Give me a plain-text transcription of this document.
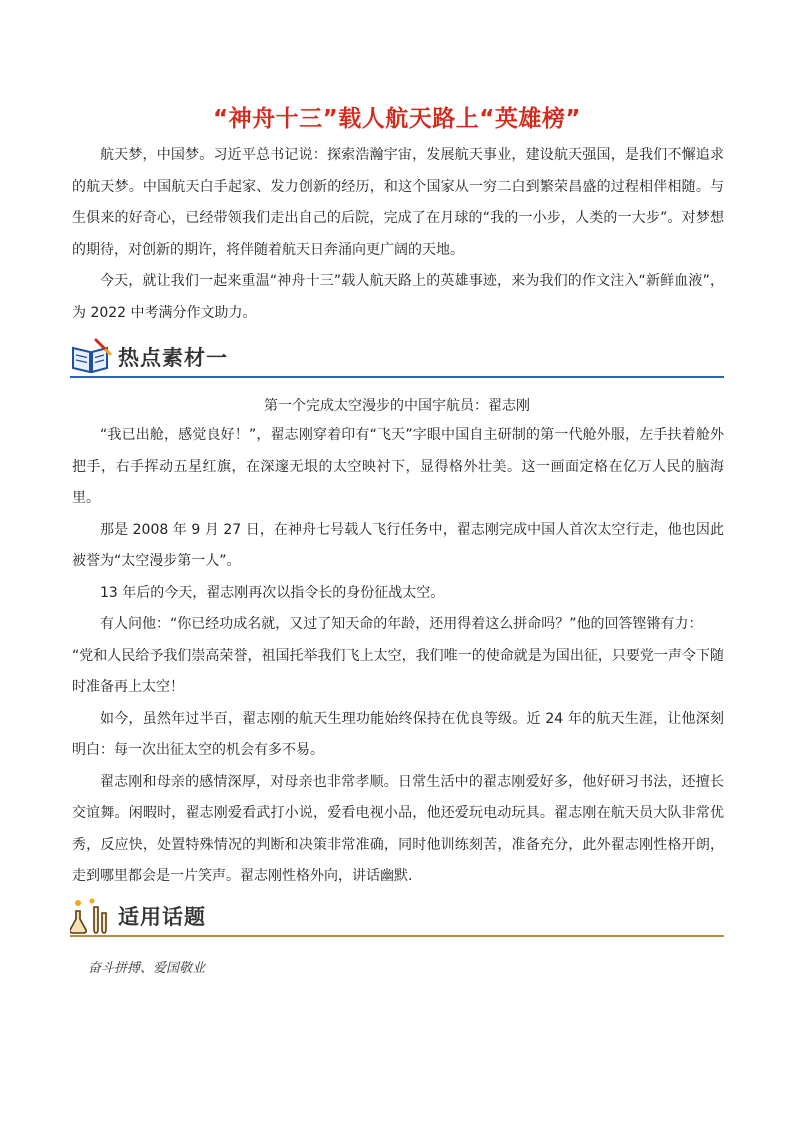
“神舟十三”载人航天路上“英雄榜”

航天梦，中国梦。习近平总书记说：探索浩瀚宇宙，发展航天事业，建设航天强国，是我们不懈追求的航天梦。中国航天白手起家、发力创新的经历，和这个国家从一穷二白到繁荣昌盛的过程相伴相随。与生俱来的好奇心，已经带领我们走出自己的后院，完成了在月球的“我的一小步，人类的一大步”。对梦想的期待，对创新的期许，将伴随着航天日奔涌向更广阔的天地。

今天，就让我们一起来重温“神舟十三”载人航天路上的英雄事迹，来为我们的作文注入“新鲜血液”，为 2022 中考满分作文助力。

热点素材一

第一个完成太空漫步的中国宇航员：翟志刚

“我已出舱，感觉良好！”，翟志刚穿着印有“飞天”字眼中国自主研制的第一代舱外服，左手扶着舱外把手，右手挥动五星红旗，在深邃无垠的太空映衬下，显得格外壮美。这一画面定格在亿万人民的脑海里。

那是 2008 年 9 月 27 日，在神舟七号载人飞行任务中，翟志刚完成中国人首次太空行走，他也因此被誉为“太空漫步第一人”。

13 年后的今天，翟志刚再次以指令长的身份征战太空。

有人问他：“你已经功成名就，又过了知天命的年龄，还用得着这么拼命吗？”他的回答铿锵有力：

“党和人民给予我们崇高荣誉，祖国托举我们飞上太空，我们唯一的使命就是为国出征，只要党一声令下随时准备再上太空！

如今，虽然年过半百，翟志刚的航天生理功能始终保持在优良等级。近 24 年的航天生涯，让他深刻明白：每一次出征太空的机会有多不易。

翟志刚和母亲的感情深厚，对母亲也非常孝顺。日常生活中的翟志刚爱好多，他好研习书法，还擅长交谊舞。闲暇时，翟志刚爱看武打小说，爱看电视小品，他还爱玩电动玩具。翟志刚在航天员大队非常优秀，反应快，处置特殊情况的判断和决策非常准确，同时他训练刻苦，准备充分，此外翟志刚性格开朗，走到哪里都会是一片笑声。翟志刚性格外向，讲话幽默.

适用话题

奋斗拼搏、爱国敬业
